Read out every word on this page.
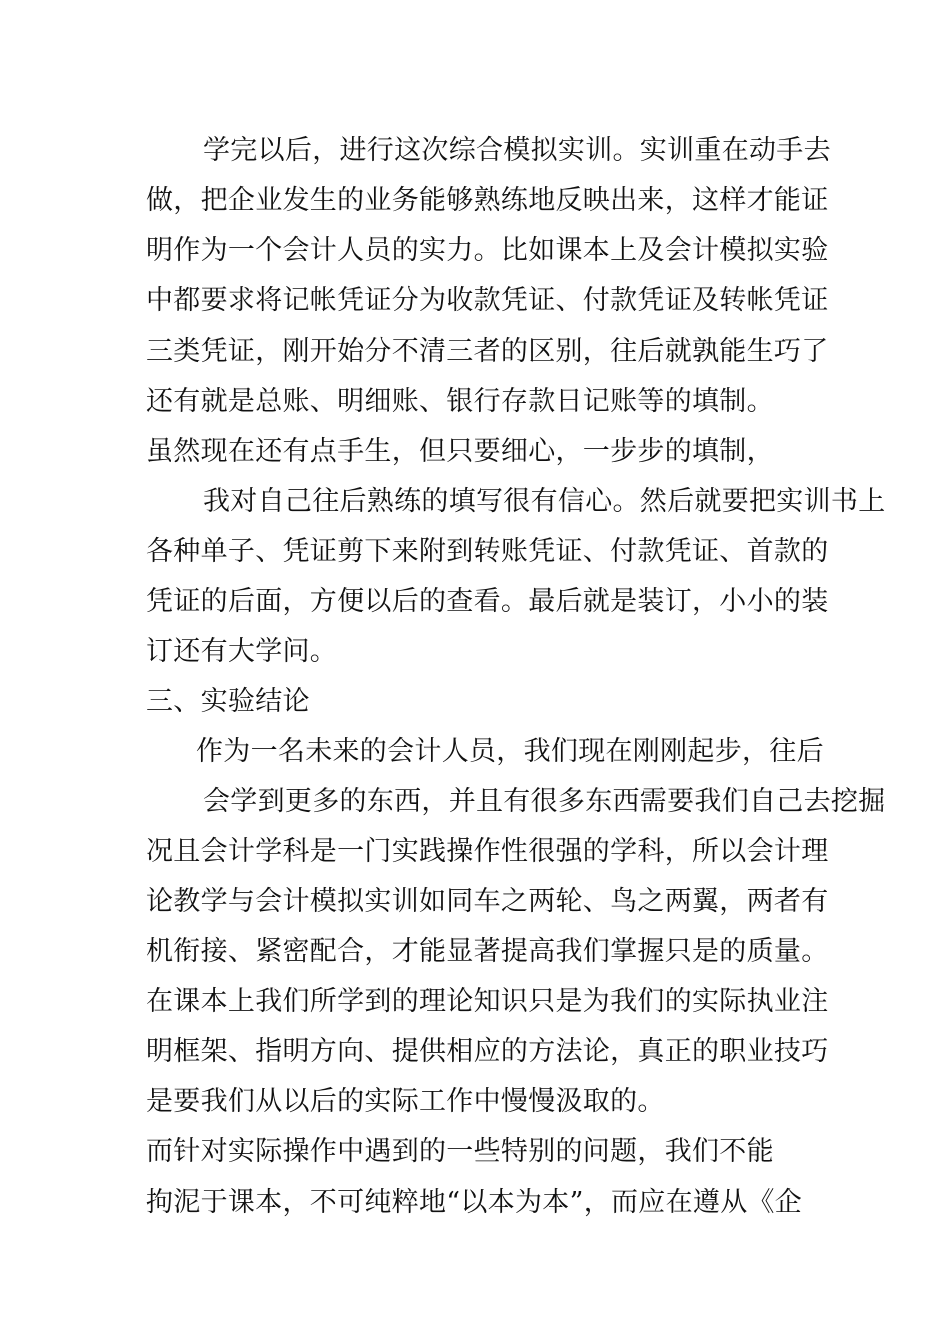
学完以后，进行这次综合模拟实训。实训重在动手去
做，把企业发生的业务能够熟练地反映出来，这样才能证
明作为一个会计人员的实力。比如课本上及会计模拟实验
中都要求将记帐凭证分为收款凭证、付款凭证及转帐凭证
三类凭证，刚开始分不清三者的区别，往后就孰能生巧了
还有就是总账、明细账、银行存款日记账等的填制。
虽然现在还有点手生，但只要细心，一步步的填制，
我对自己往后熟练的填写很有信心。然后就要把实训书上
各种单子、凭证剪下来附到转账凭证、付款凭证、首款的
凭证的后面，方便以后的查看。最后就是装订，小小的装
订还有大学问。
三、实验结论
作为一名未来的会计人员，我们现在刚刚起步，往后
会学到更多的东西，并且有很多东西需要我们自己去挖掘
况且会计学科是一门实践操作性很强的学科，所以会计理
论教学与会计模拟实训如同车之两轮、鸟之两翼，两者有
机衔接、紧密配合，才能显著提高我们掌握只是的质量。
在课本上我们所学到的理论知识只是为我们的实际执业注
明框架、指明方向、提供相应的方法论，真正的职业技巧
是要我们从以后的实际工作中慢慢汲取的。
而针对实际操作中遇到的一些特别的问题，我们不能
拘泥于课本，不可纯粹地“以本为本”，而应在遵从《企
